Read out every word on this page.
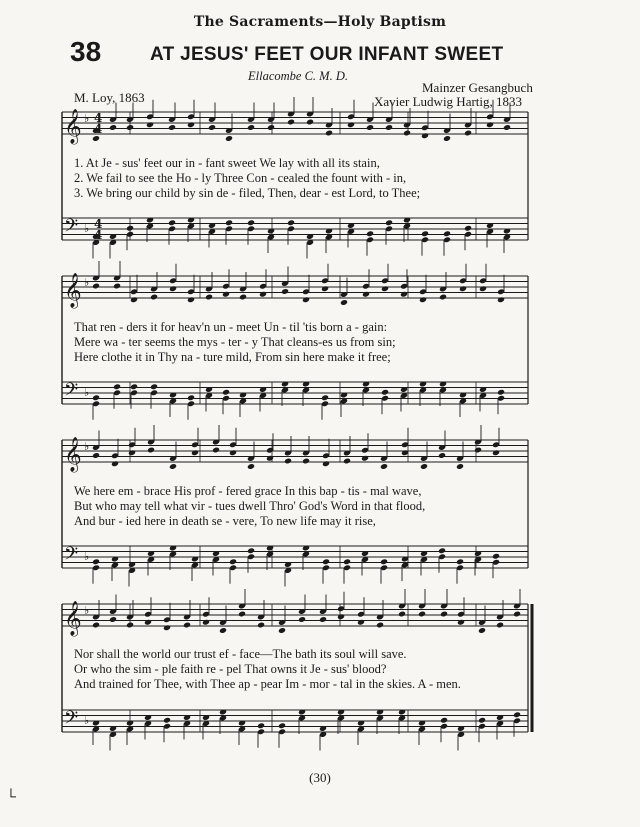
The Sacraments—Holy Baptism
38	AT JESUS' FEET OUR INFANT SWEET
Ellacombe C. M. D.
Mainzer Gesangbuch
M. Loy, 1863	Xavier Ludwig Hartig, 1833
𝄞
𝄢
♭
♭
4
4
4
4
𝄞
𝄢
♭
♭
𝄞
𝄢
♭
♭
𝄞
𝄢
♭
♭
1. At Je - sus' feet our in - fant sweet We lay with all its stain,
2. We fail to see the Ho - ly Three Con - cealed the fount with - in,
3. We bring our child by sin de - filed, Then, dear - est Lord, to Thee;
That ren - ders it for heav'n un - meet Un - til 'tis born a - gain:
Mere wa - ter seems the mys - ter - y That cleans-es us from sin;
Here clothe it in Thy na - ture mild, From sin here make it free;
We here em - brace His prof - fered grace In this bap - tis - mal wave,
But who may tell what vir - tues dwell Thro' God's Word in that flood,
And bur - ied here in death se - vere, To new life may it rise,
Nor shall the world our trust ef - face—The bath its soul will save.
Or who the sim - ple faith re - pel That owns it Je - sus' blood?
And trained for Thee, with Thee ap - pear Im - mor - tal in the skies. A - men.
(30)
└
